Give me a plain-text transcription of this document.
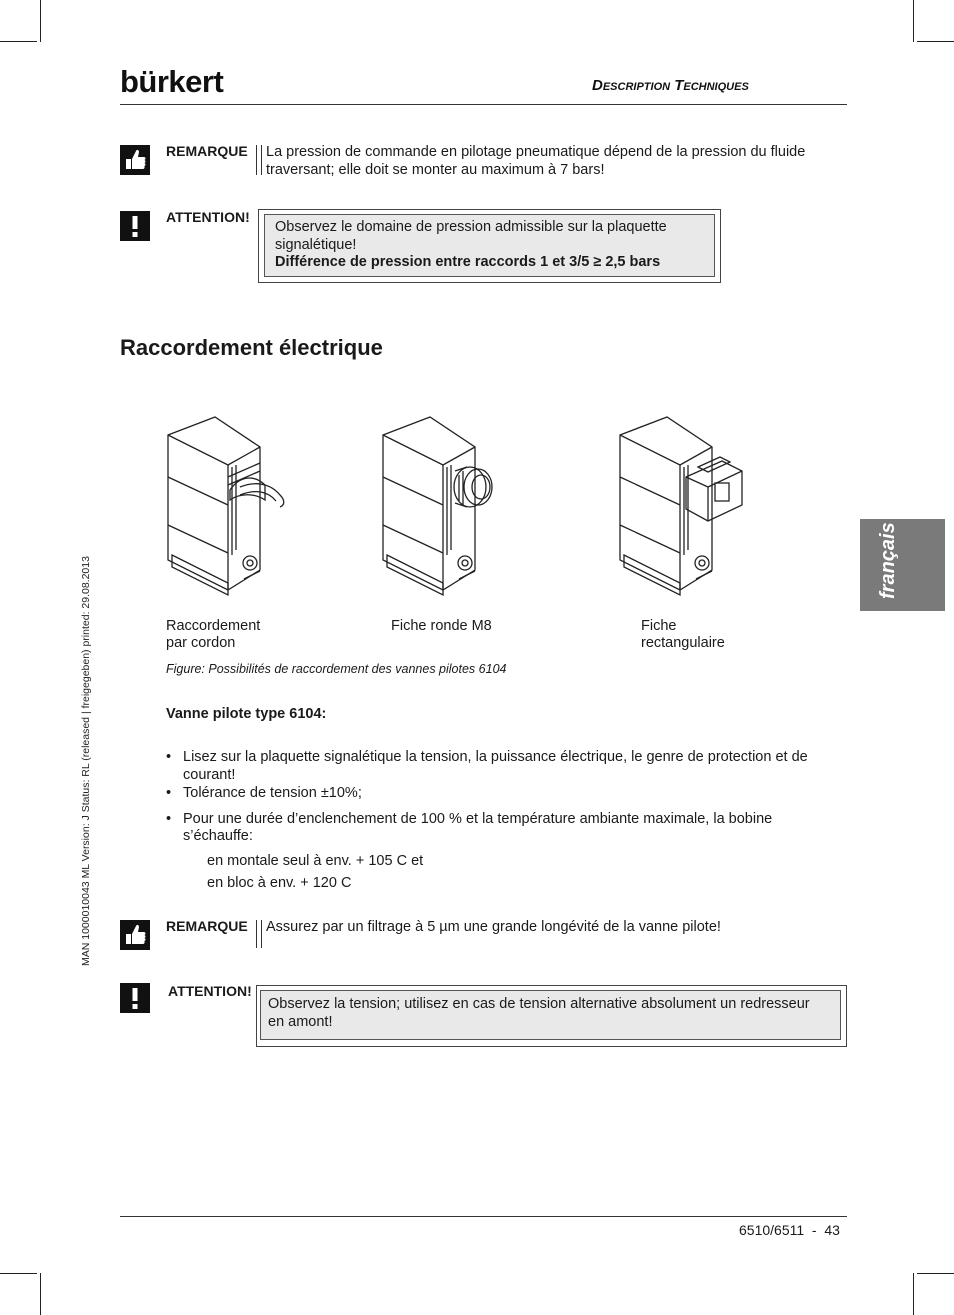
bürkert	Description Techniques
français
MAN 1000010043 ML Version: J Status: RL (released | freigegeben) printed: 29.08.2013
REMARQUE La pression de commande en pilotage pneumatique dépend de la pression du fluide
traversant; elle doit se monter au maximum à 7 bars!
ATTENTION!
Observez le domaine de pression admissible sur la plaquette
signalétique!
Différence de pression entre raccords 1 et 3/5 ≥ 2,5 bars
Raccordement électrique
Raccordement
par cordon
Fiche ronde M8	Fiche
rectangulaire
Figure: Possibilités de raccordement des vannes pilotes 6104
Vanne pilote type 6104:
• Lisez sur la plaquette signalétique la tension, la puissance électrique, le genre de protection et de
courant!
• Tolérance de tension ±10%;
• Pour une durée d’enclenchement de 100 % et la température ambiante maximale, la bobine
s’échauffe:
en montale seul à env. + 105 C et
en bloc à env. + 120 C
REMARQUE Assurez par un filtrage à 5 µm une grande longévité de la vanne pilote!
ATTENTION!
Observez la tension; utilisez en cas de tension alternative absolument un redresseur
en amont!
6510/6511  -  43
